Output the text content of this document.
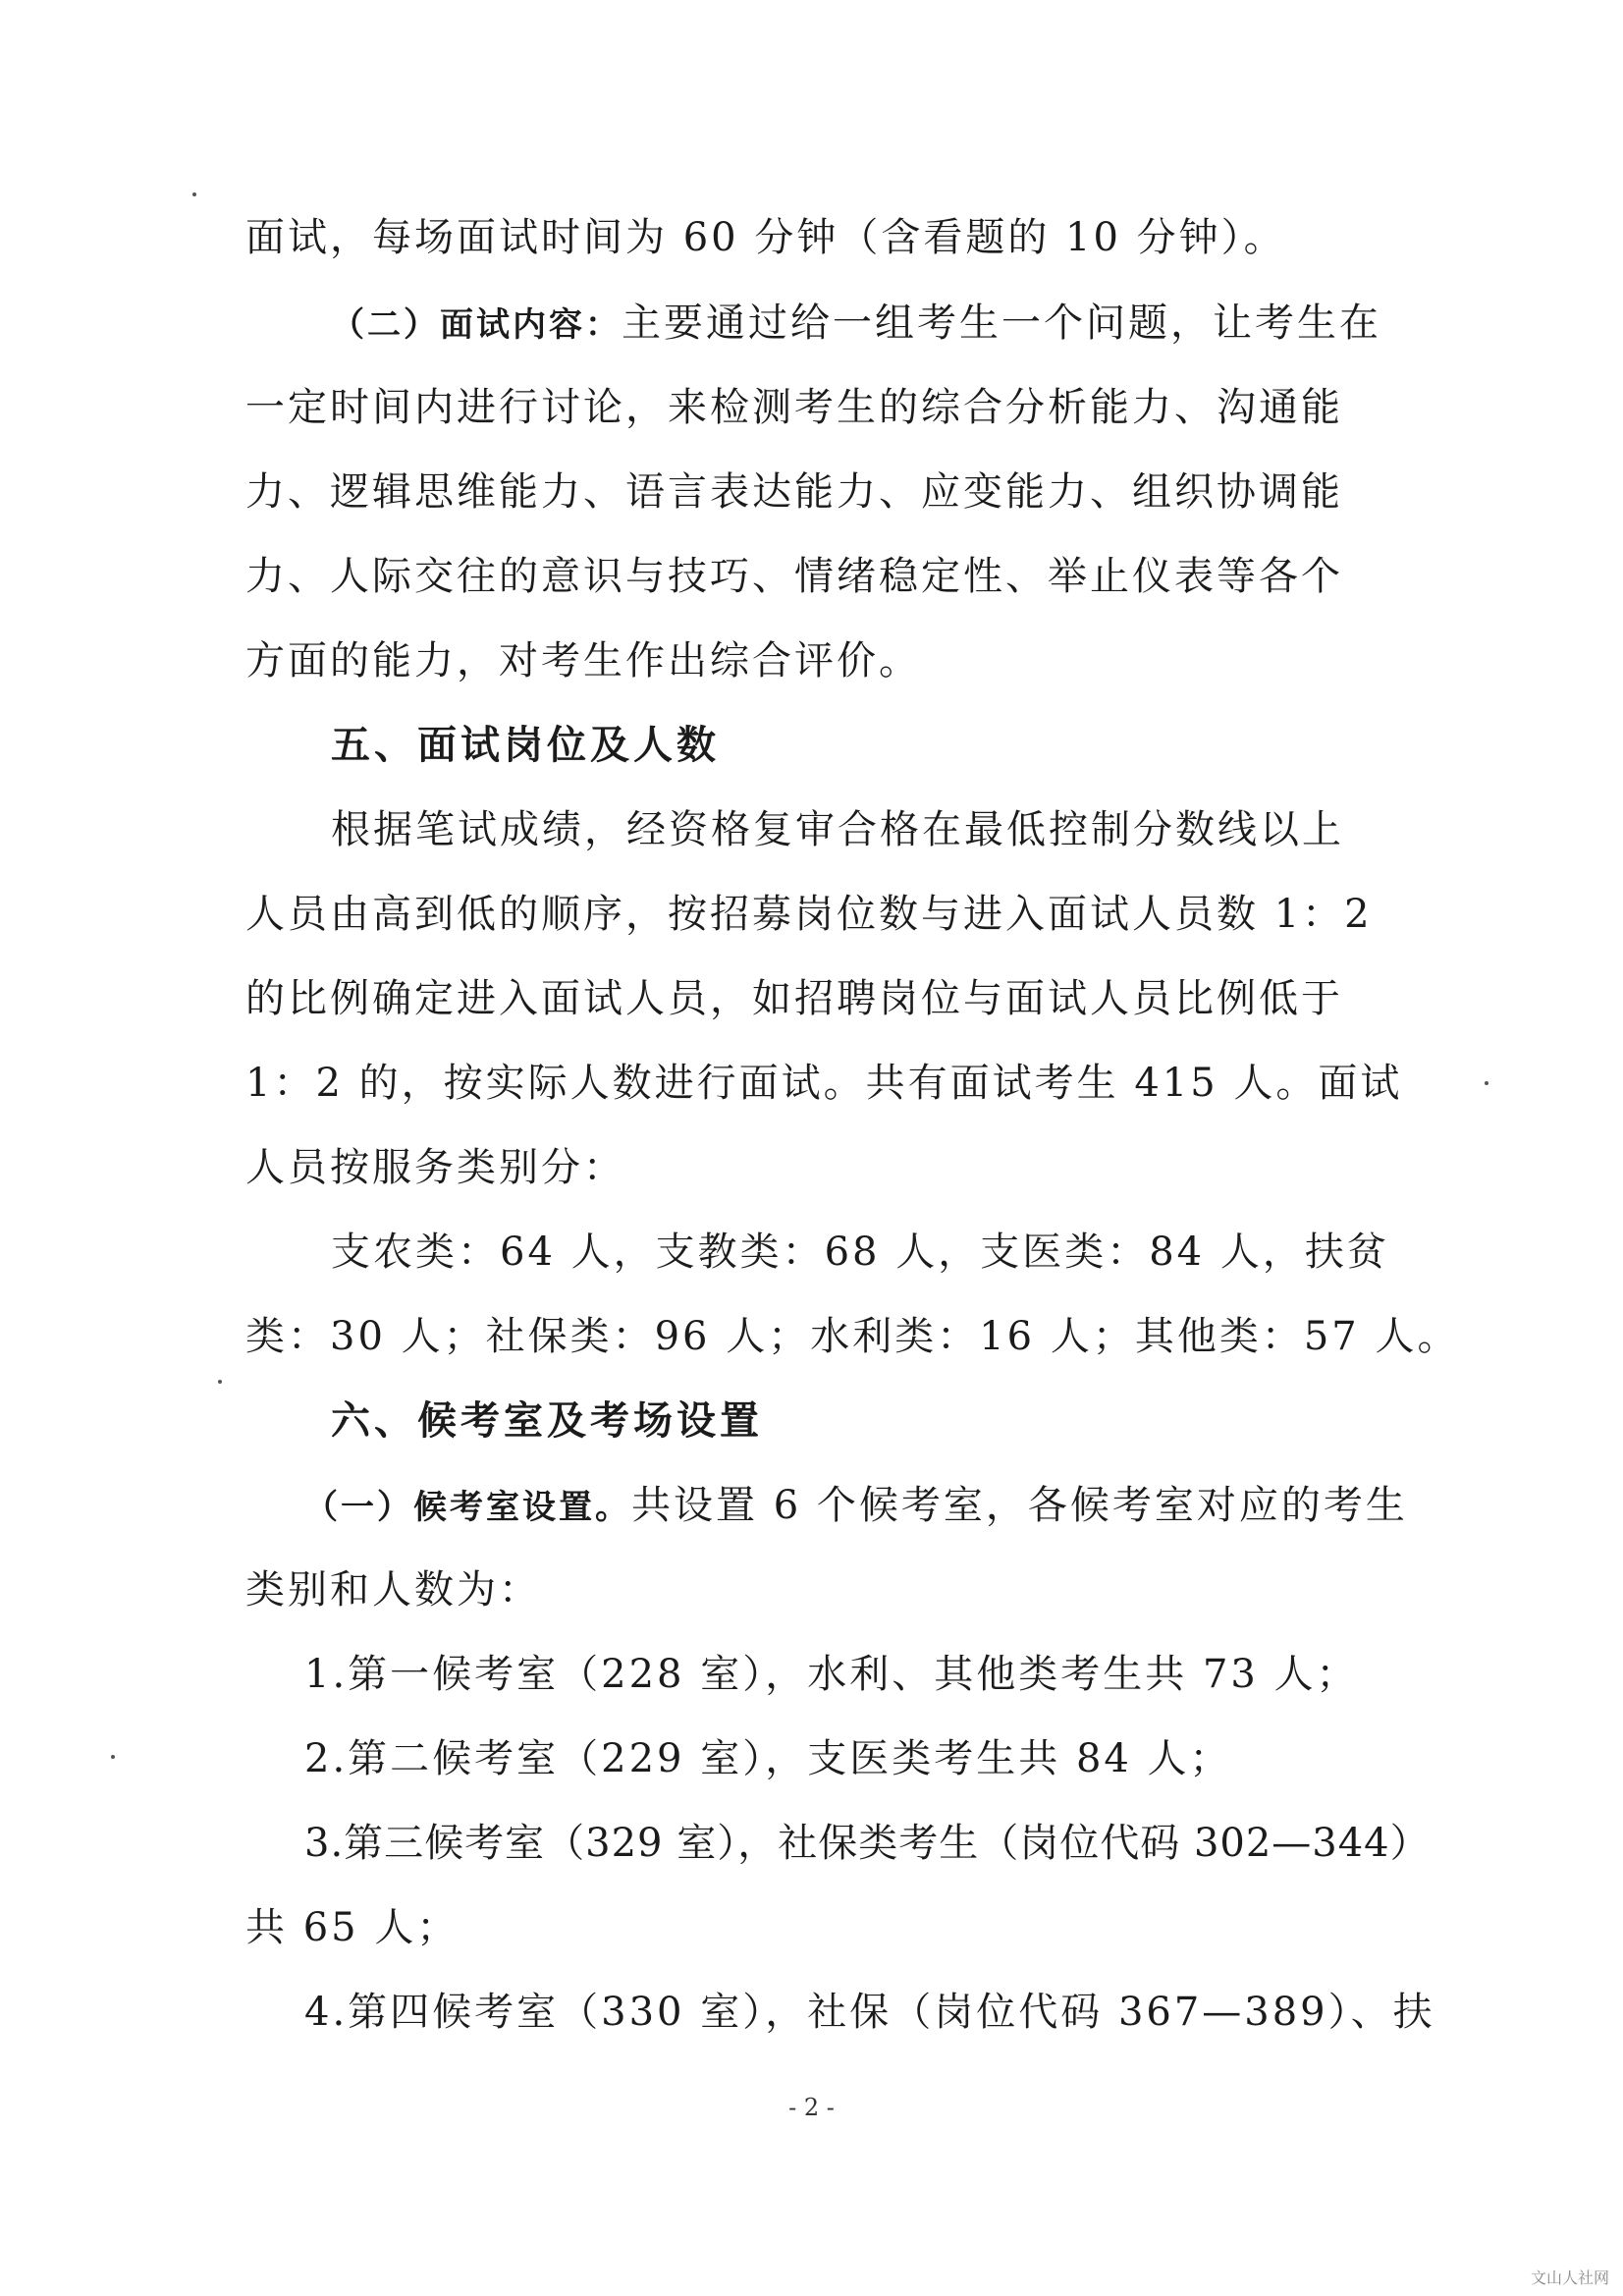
面试，每场面试时间为 60 分钟（含看题的 10 分钟）。
（二）面试内容：主要通过给一组考生一个问题，让考生在
一定时间内进行讨论，来检测考生的综合分析能力、沟通能
力、逻辑思维能力、语言表达能力、应变能力、组织协调能
力、人际交往的意识与技巧、情绪稳定性、举止仪表等各个
方面的能力，对考生作出综合评价。
五、面试岗位及人数
根据笔试成绩，经资格复审合格在最低控制分数线以上
人员由高到低的顺序，按招募岗位数与进入面试人员数 1：2
的比例确定进入面试人员，如招聘岗位与面试人员比例低于
1：2 的，按实际人数进行面试。共有面试考生 415 人。面试
人员按服务类别分：
支农类：64 人，支教类：68 人，支医类：84 人，扶贫
类：30 人；社保类：96 人；水利类：16 人；其他类：57 人。
六、候考室及考场设置
（一）候考室设置。共设置 6 个候考室，各候考室对应的考生
类别和人数为：
1.第一候考室（228 室），水利、其他类考生共 73 人；
2.第二候考室（229 室），支医类考生共 84 人；
3.第三候考室（329 室），社保类考生（岗位代码 302—344）
共 65 人；
4.第四候考室（330 室），社保（岗位代码 367—389）、扶
- 2 -
文山人社网
